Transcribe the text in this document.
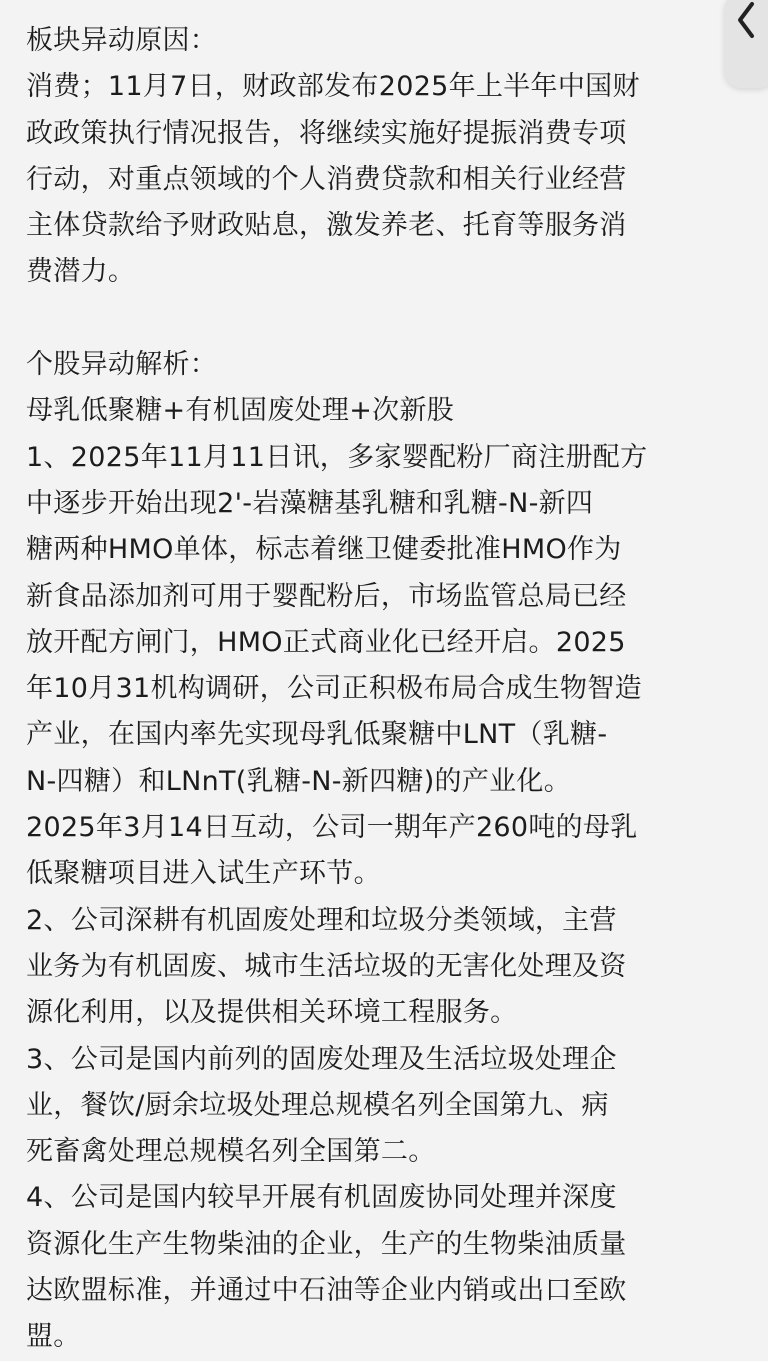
板块异动原因：
消费；11月7日，财政部发布2025年上半年中国财
政政策执行情况报告，将继续实施好提振消费专项
行动，对重点领域的个人消费贷款和相关行业经营
主体贷款给予财政贴息，激发养老、托育等服务消
费潜力。
个股异动解析：
母乳低聚糖+有机固废处理+次新股
1、2025年11月11日讯，多家婴配粉厂商注册配方
中逐步开始出现2'-岩藻糖基乳糖和乳糖-N-新四
糖两种HMO单体，标志着继卫健委批准HMO作为
新食品添加剂可用于婴配粉后，市场监管总局已经
放开配方闸门，HMO正式商业化已经开启。2025
年10月31机构调研，公司正积极布局合成生物智造
产业，在国内率先实现母乳低聚糖中LNT（乳糖-
N-四糖）和LNnT(乳糖-N-新四糖)的产业化。
2025年3月14日互动，公司一期年产260吨的母乳
低聚糖项目进入试生产环节。
2、公司深耕有机固废处理和垃圾分类领域，主营
业务为有机固废、城市生活垃圾的无害化处理及资
源化利用，以及提供相关环境工程服务。
3、公司是国内前列的固废处理及生活垃圾处理企
业，餐饮/厨余垃圾处理总规模名列全国第九、病
死畜禽处理总规模名列全国第二。
4、公司是国内较早开展有机固废协同处理并深度
资源化生产生物柴油的企业，生产的生物柴油质量
达欧盟标准，并通过中石油等企业内销或出口至欧
盟。
